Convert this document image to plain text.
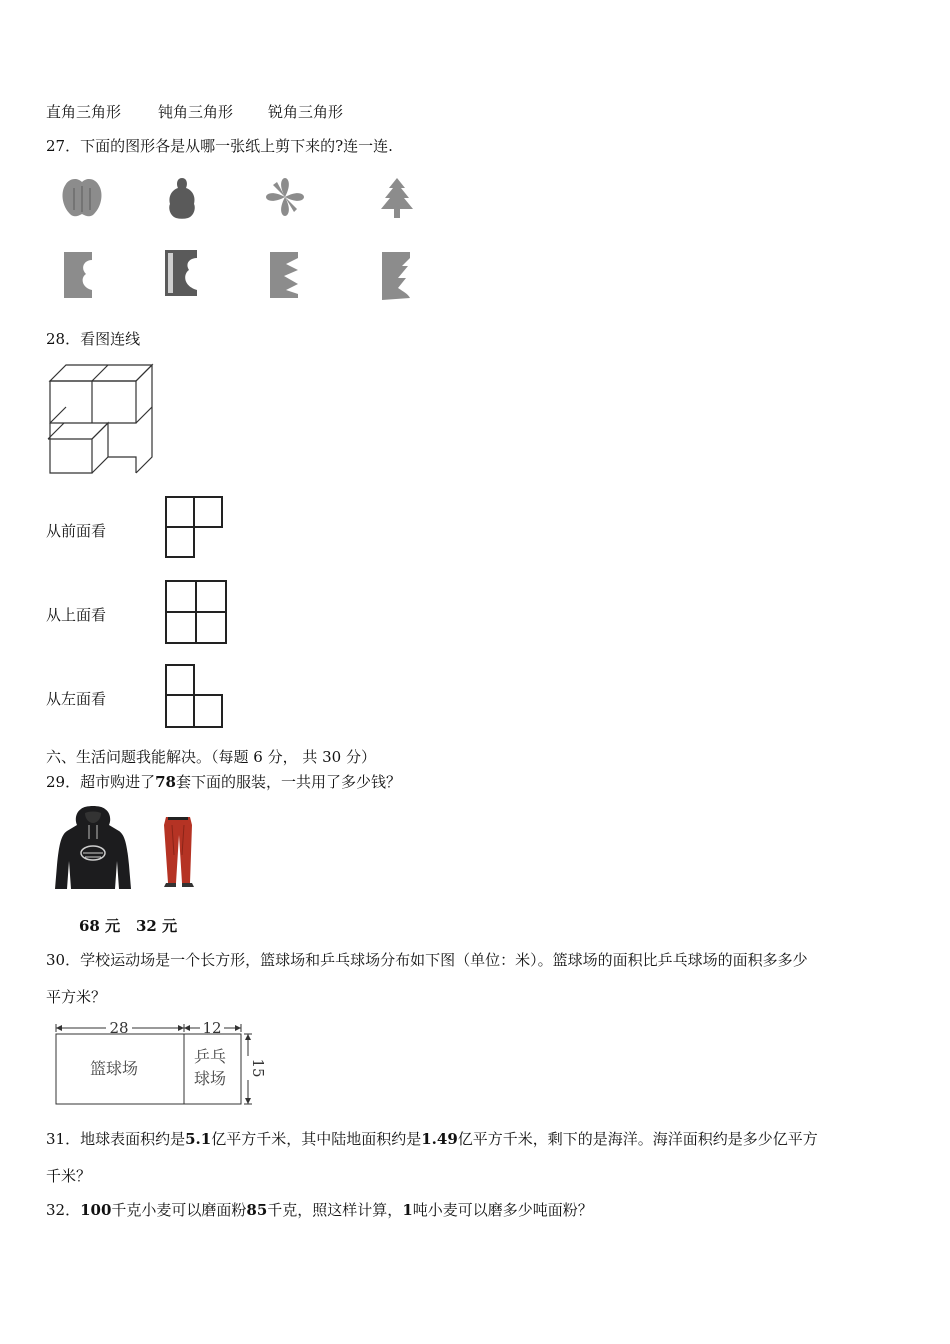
直角三角形 钝角三角形 锐角三角形
27．下面的图形各是从哪一张纸上剪下来的?连一连.
28．看图连线
从前面看
从上面看
从左面看
六、生活问题我能解决。（每题 6 分， 共 30 分）
29．超市购进了78套下面的服装，一共用了多少钱？
68 元 32 元
30．学校运动场是一个长方形，篮球场和乒乓球场分布如下图（单位：米）。篮球场的面积比乒乓球场的面积多多少
平方米？
28	12
15
篮球场
乒乓
球场
31．地球表面积约是5.1亿平方千米，其中陆地面积约是1.49亿平方千米，剩下的是海洋。海洋面积约是多少亿平方
千米？
32．100千克小麦可以磨面粉85千克，照这样计算，1吨小麦可以磨多少吨面粉？
